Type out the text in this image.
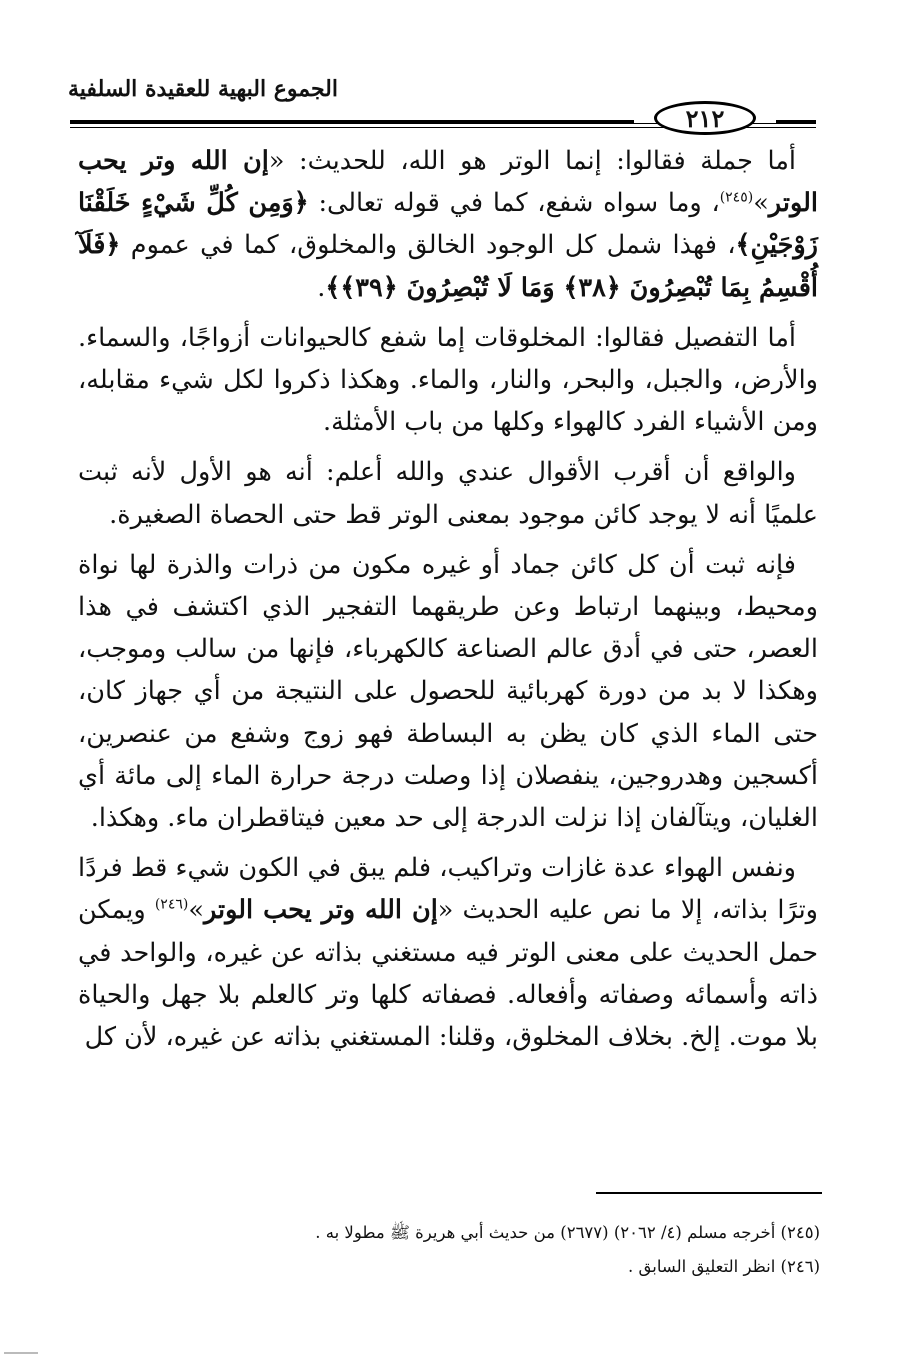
الجموع البهية للعقيدة السلفية
٢١٢

أما جملة فقالوا: إنما الوتر هو الله، للحديث: «إن الله وتر يحب الوتر»$^{(٢٤٥)}$، وما سواه شفع، كما في قوله تعالى: ﴿وَمِن كُلِّ شَيْءٍ خَلَقْنَا زَوْجَيْنِ﴾، فهذا شمل كل الوجود الخالق والمخلوق، كما في عموم ﴿فَلَآ أُقْسِمُ بِمَا تُبْصِرُونَ ﴿٣٨﴾ وَمَا لَا تُبْصِرُونَ ﴿٣٩﴾﴾.

أما التفصيل فقالوا: المخلوقات إما شفع كالحيوانات أزواجًا، والسماء. والأرض، والجبل، والبحر، والنار، والماء. وهكذا ذكروا لكل شيء مقابله، ومن الأشياء الفرد كالهواء وكلها من باب الأمثلة.

والواقع أن أقرب الأقوال عندي والله أعلم: أنه هو الأول لأنه ثبت علميًا أنه لا يوجد كائن موجود بمعنى الوتر قط حتى الحصاة الصغيرة.

فإنه ثبت أن كل كائن جماد أو غيره مكون من ذرات والذرة لها نواة ومحيط، وبينهما ارتباط وعن طريقهما التفجير الذي اكتشف في هذا العصر، حتى في أدق عالم الصناعة كالكهرباء، فإنها من سالب وموجب، وهكذا لا بد من دورة كهربائية للحصول على النتيجة من أي جهاز كان، حتى الماء الذي كان يظن به البساطة فهو زوج وشفع من عنصرين، أكسجين وهدروجين، ينفصلان إذا وصلت درجة حرارة الماء إلى مائة أي الغليان، ويتآلفان إذا نزلت الدرجة إلى حد معين فيتاقطران ماء. وهكذا.

ونفس الهواء عدة غازات وتراكيب، فلم يبق في الكون شيء قط فردًا وترًا بذاته، إلا ما نص عليه الحديث «إن الله وتر يحب الوتر»$^{(٢٤٦)}$ ويمكن حمل الحديث على معنى الوتر فيه مستغني بذاته عن غيره، والواحد في ذاته وأسمائه وصفاته وأفعاله. فصفاته كلها وتر كالعلم بلا جهل والحياة بلا موت. إلخ. بخلاف المخلوق، وقلنا: المستغني بذاته عن غيره، لأن كل

(٢٤٥) أخرجه مسلم (٤/ ٢٠٦٢) (٢٦٧٧) من حديث أبي هريرة ﷺ مطولا به .
(٢٤٦) انظر التعليق السابق .
